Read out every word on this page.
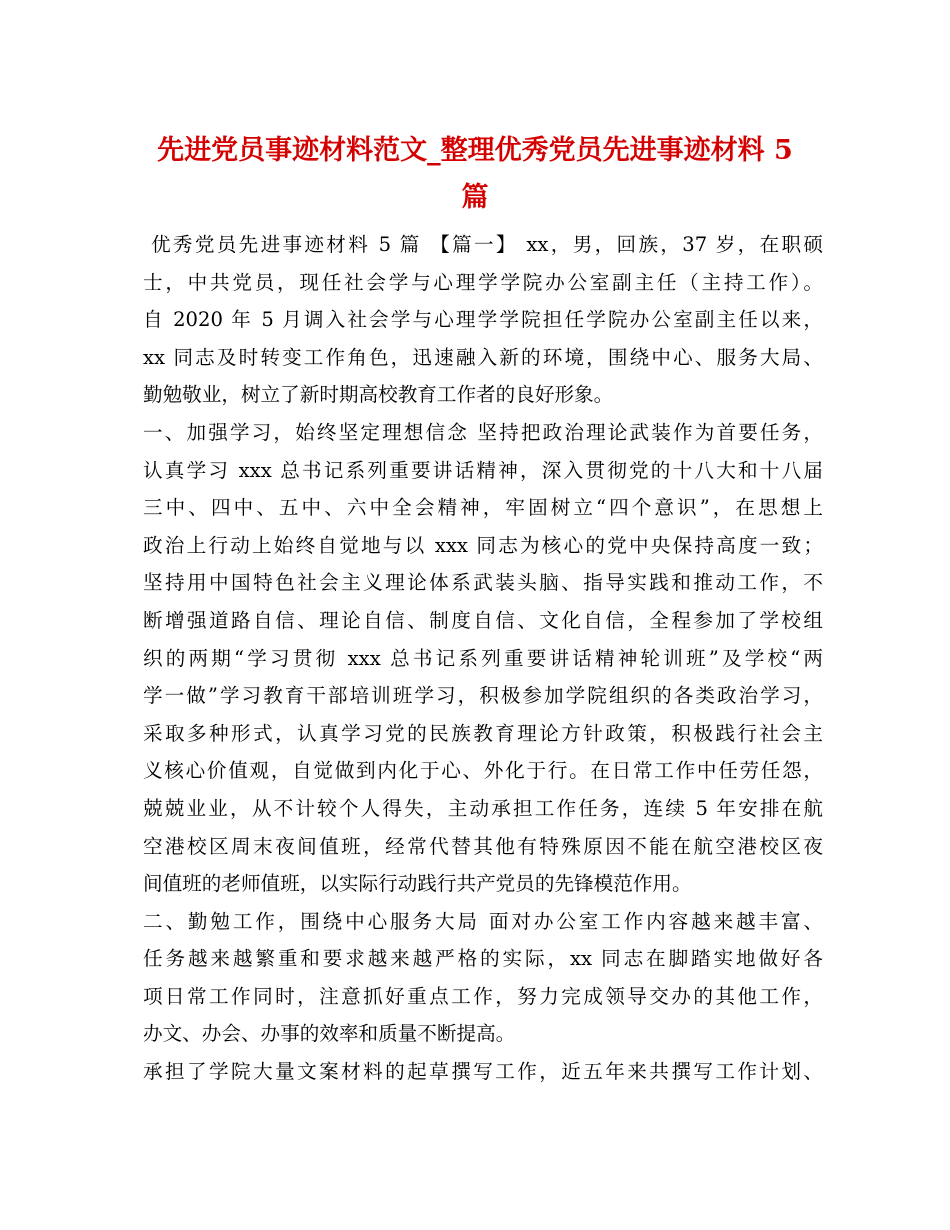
先进党员事迹材料范文_整理优秀党员先进事迹材料 5
篇
优秀党员先进事迹材料 5 篇 【篇一】 xx，男，回族，37 岁，在职硕
士，中共党员，现任社会学与心理学学院办公室副主任（主持工作）。
自 2020 年 5 月调入社会学与心理学学院担任学院办公室副主任以来，
xx 同志及时转变工作角色，迅速融入新的环境，围绕中心、服务大局、
勤勉敬业，树立了新时期高校教育工作者的良好形象。
一、加强学习，始终坚定理想信念 坚持把政治理论武装作为首要任务，
认真学习 xxx 总书记系列重要讲话精神，深入贯彻党的十八大和十八届
三中、四中、五中、六中全会精神，牢固树立“四个意识”，在思想上
政治上行动上始终自觉地与以 xxx 同志为核心的党中央保持高度一致；
坚持用中国特色社会主义理论体系武装头脑、指导实践和推动工作，不
断增强道路自信、理论自信、制度自信、文化自信，全程参加了学校组
织的两期“学习贯彻 xxx 总书记系列重要讲话精神轮训班”及学校“两
学一做”学习教育干部培训班学习，积极参加学院组织的各类政治学习，
采取多种形式，认真学习党的民族教育理论方针政策，积极践行社会主
义核心价值观，自觉做到内化于心、外化于行。在日常工作中任劳任怨，
兢兢业业，从不计较个人得失，主动承担工作任务，连续 5 年安排在航
空港校区周末夜间值班，经常代替其他有特殊原因不能在航空港校区夜
间值班的老师值班，以实际行动践行共产党员的先锋模范作用。
二、勤勉工作，围绕中心服务大局 面对办公室工作内容越来越丰富、
任务越来越繁重和要求越来越严格的实际，xx 同志在脚踏实地做好各
项日常工作同时，注意抓好重点工作，努力完成领导交办的其他工作，
办文、办会、办事的效率和质量不断提高。
承担了学院大量文案材料的起草撰写工作，近五年来共撰写工作计划、
